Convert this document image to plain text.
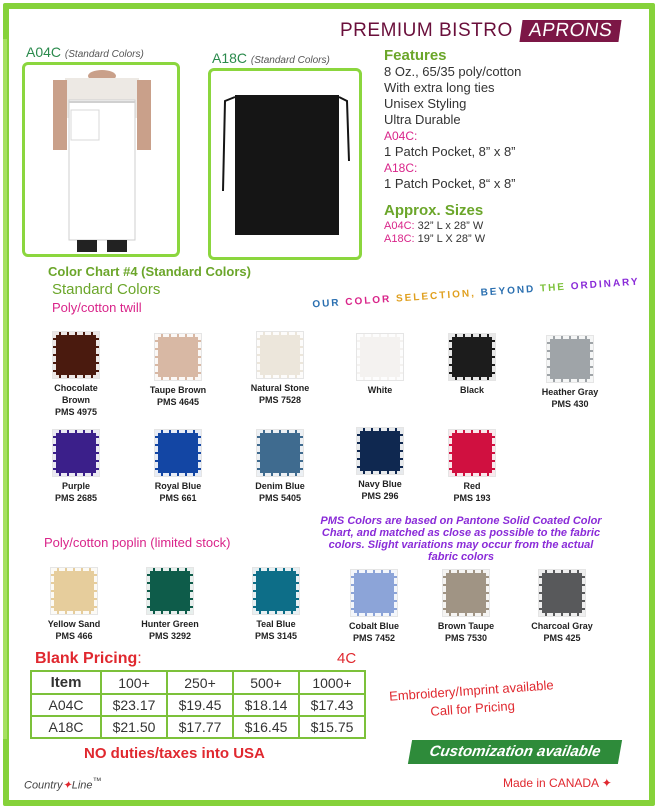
PREMIUM BISTRO APRONS
A04C (Standard Colors)	A18C (Standard Colors)	Features
8 Oz., 65/35 poly/cotton
With extra long ties
Unisex Styling
Ultra Durable
A04C:
1 Patch Pocket, 8” x 8”
A18C:
1 Patch Pocket, 8“ x 8”
Approx. Sizes
A04C: 32” L x 28” W
A18C: 19” L X 28” W
Color Chart #4 (Standard Colors)
Standard Colors
Poly/cotton twill	OUR COLOR SELECTION, BEYOND THE ORDINARY
PMS Colors are based on Pantone Solid Coated Color Chart, and matched as close as possible to the fabric colors. Slight variations may occur from the actual fabric colors
Poly/cotton poplin (limited stock)
Blank Pricing:	4C
Item	100+	250+	500+	1000+
A04C	$23.17	$19.45	$18.14	$17.43
A18C	$21.50	$17.77	$16.45	$15.75
NO duties/taxes into USA
Embroidery/Imprint available
Call for Pricing
Customization available
Country✦Line™	Made in CANADA ✦
Chocolate Brown
PMS 4975
Taupe Brown
PMS 4645
Natural Stone
PMS 7528
White	Black	Heather Gray
PMS 430
Purple
PMS 2685
Royal Blue
PMS 661
Denim Blue
PMS 5405
Navy Blue
PMS 296
Red
PMS 193
Yellow Sand
PMS 466
Hunter Green
PMS 3292
Teal Blue
PMS 3145
Cobalt Blue
PMS 7452
Brown Taupe
PMS 7530
Charcoal Gray
PMS 425
